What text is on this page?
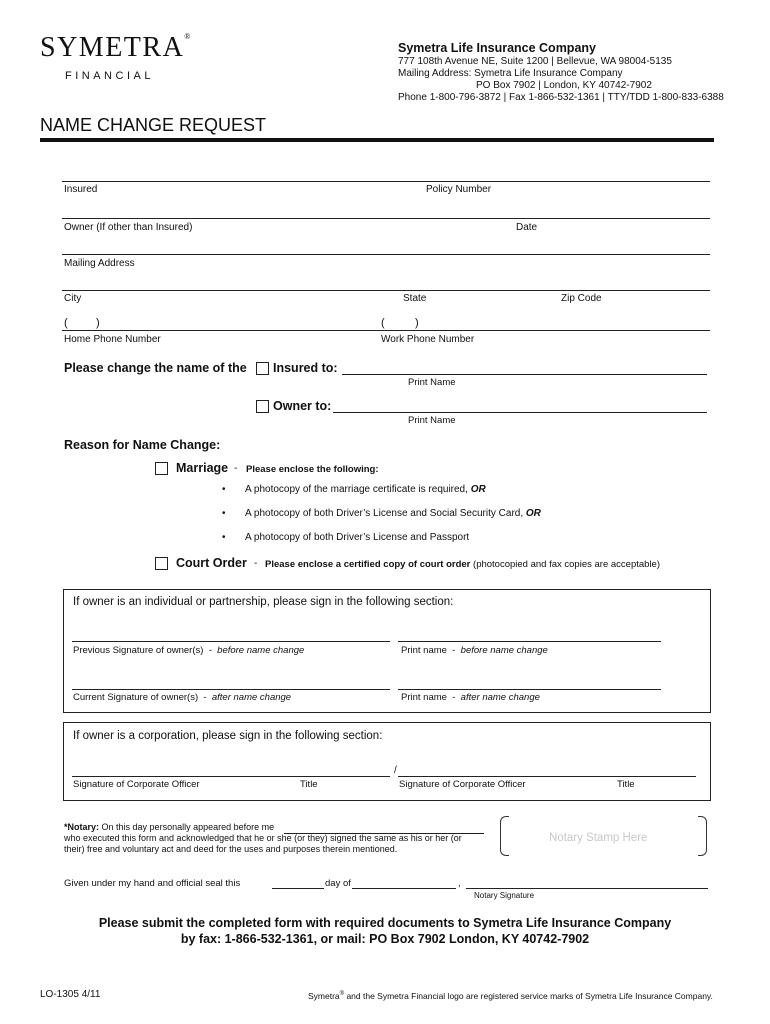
SYMETRA®
FINANCIAL
Symetra Life Insurance Company
777 108th Avenue NE, Suite 1200 | Bellevue, WA 98004-5135
Mailing Address: Symetra Life Insurance Company
PO Box 7902 | London, KY 40742-7902
Phone 1-800-796-3872 | Fax 1-866-532-1361 | TTY/TDD 1-800-833-6388
NAME CHANGE REQUEST
Insured	Policy Number
Owner (If other than Insured)	Date
Mailing Address
City	State	Zip Code
(	)	(	)
Home Phone Number	Work Phone Number
Please change the name of the Insured to:
Print Name
Owner to:
Print Name
Reason for Name Change:
Marriage - Please enclose the following:
• A photocopy of the marriage certificate is required, OR
• A photocopy of both Driver’s License and Social Security Card, OR
• A photocopy of both Driver’s License and Passport
Court Order - Please enclose a certified copy of court order (photocopied and fax copies are acceptable)
If owner is an individual or partnership, please sign in the following section:
Previous Signature of owner(s) - before name change	Print name - before name change
Current Signature of owner(s) - after name change	Print name - after name change
If owner is a corporation, please sign in the following section:
/
Signature of Corporate Officer	Title	Signature of Corporate Officer	Title
*Notary: On this day personally appeared before me
who executed this form and acknowledged that he or she (or they) signed the same as his or her (or
their) free and voluntary act and deed for the uses and purposes therein mentioned.
Notary Stamp Here
Given under my hand and official seal this	day of	,
Notary Signature
Please submit the completed form with required documents to Symetra Life Insurance Company
by fax: 1-866-532-1361, or mail: PO Box 7902 London, KY 40742-7902
LO-1305 4/11	Symetra® and the Symetra Financial logo are registered service marks of Symetra Life Insurance Company.
